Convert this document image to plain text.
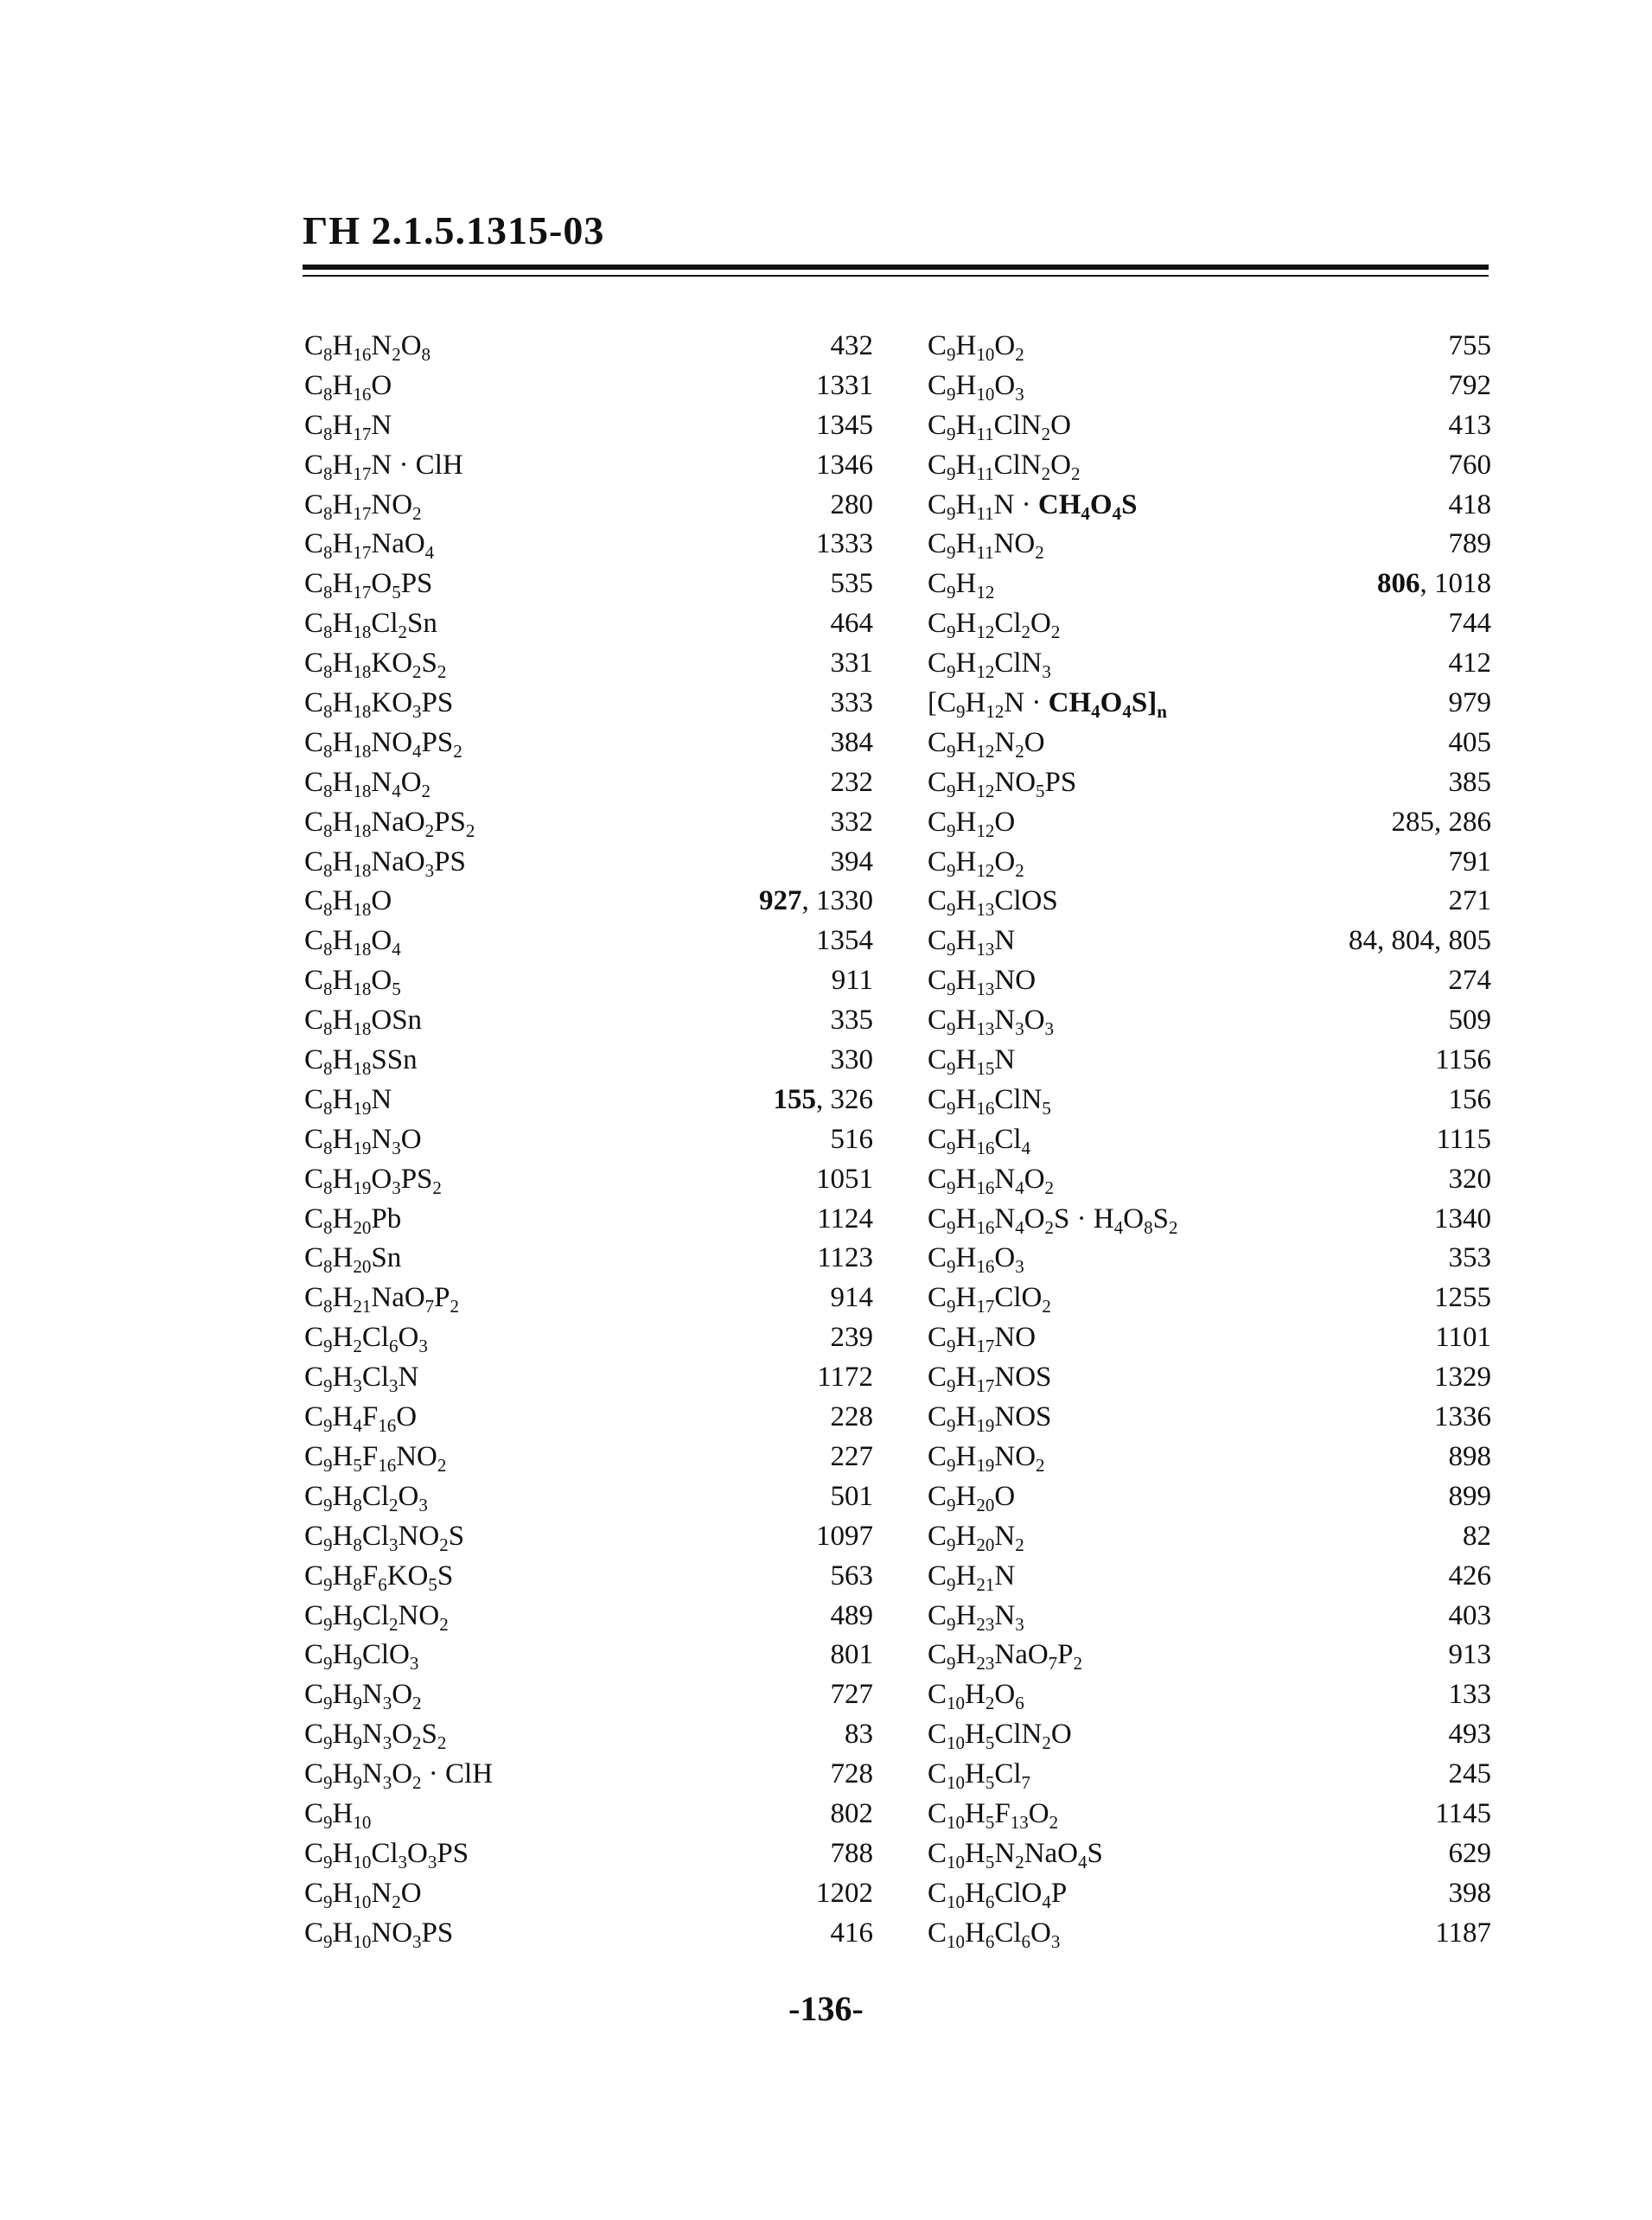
ГН 2.1.5.1315-03
$C_8H_{16}N_2O_8$	432
$C_8H_{16}O$	1331
$C_8H_{17}N$	1345
$C_8H_{17}N$ · ClH	1346
$C_8H_{17}NO_2$	280
$C_8H_{17}NaO_4$	1333
$C_8H_{17}O_5PS$	535
$C_8H_{18}Cl_2Sn$	464
$C_8H_{18}KO_2S_2$	331
$C_8H_{18}KO_3PS$	333
$C_8H_{18}NO_4PS_2$	384
$C_8H_{18}N_4O_2$	232
$C_8H_{18}NaO_2PS_2$	332
$C_8H_{18}NaO_3PS$	394
$C_8H_{18}O$	927, 1330
$C_8H_{18}O_4$	1354
$C_8H_{18}O_5$	911
$C_8H_{18}OSn$	335
$C_8H_{18}SSn$	330
$C_8H_{19}N$	155, 326
$C_8H_{19}N_3O$	516
$C_8H_{19}O_3PS_2$	1051
$C_8H_{20}Pb$	1124
$C_8H_{20}Sn$	1123
$C_8H_{21}NaO_7P_2$	914
$C_9H_2Cl_6O_3$	239
$C_9H_3Cl_3N$	1172
$C_9H_4F_{16}O$	228
$C_9H_5F_{16}NO_2$	227
$C_9H_8Cl_2O_3$	501
$C_9H_8Cl_3NO_2S$	1097
$C_9H_8F_6KO_5S$	563
$C_9H_9Cl_2NO_2$	489
$C_9H_9ClO_3$	801
$C_9H_9N_3O_2$	727
$C_9H_9N_3O_2S_2$	83
$C_9H_9N_3O_2$ · ClH	728
$C_9H_{10}$	802
$C_9H_{10}Cl_3O_3PS$	788
$C_9H_{10}N_2O$	1202
$C_9H_{10}NO_3PS$	416
$C_9H_{10}O_2$	755
$C_9H_{10}O_3$	792
$C_9H_{11}ClN_2O$	413
$C_9H_{11}ClN_2O_2$	760
$C_9H_{11}N \cdot CH_4O_4S$	418
$C_9H_{11}NO_2$	789
$C_9H_{12}$	806, 1018
$C_9H_{12}Cl_2O_2$	744
$C_9H_{12}ClN_3$	412
$[C_9H_{12}N \cdot CH_4O_4S]_n$	979
$C_9H_{12}N_2O$	405
$C_9H_{12}NO_5PS$	385
$C_9H_{12}O$	285, 286
$C_9H_{12}O_2$	791
$C_9H_{13}ClOS$	271
$C_9H_{13}N$	84, 804, 805
$C_9H_{13}NO$	274
$C_9H_{13}N_3O_3$	509
$C_9H_{15}N$	1156
$C_9H_{16}ClN_5$	156
$C_9H_{16}Cl_4$	1115
$C_9H_{16}N_4O_2$	320
$C_9H_{16}N_4O_2S \cdot H_4O_8S_2$	1340
$C_9H_{16}O_3$	353
$C_9H_{17}ClO_2$	1255
$C_9H_{17}NO$	1101
$C_9H_{17}NOS$	1329
$C_9H_{19}NOS$	1336
$C_9H_{19}NO_2$	898
$C_9H_{20}O$	899
$C_9H_{20}N_2$	82
$C_9H_{21}N$	426
$C_9H_{23}N_3$	403
$C_9H_{23}NaO_7P_2$	913
$C_{10}H_2O_6$	133
$C_{10}H_5ClN_2O$	493
$C_{10}H_5Cl_7$	245
$C_{10}H_5F_{13}O_2$	1145
$C_{10}H_5N_2NaO_4S$	629
$C_{10}H_6ClO_4P$	398
$C_{10}H_6Cl_6O_3$	1187
-136-
